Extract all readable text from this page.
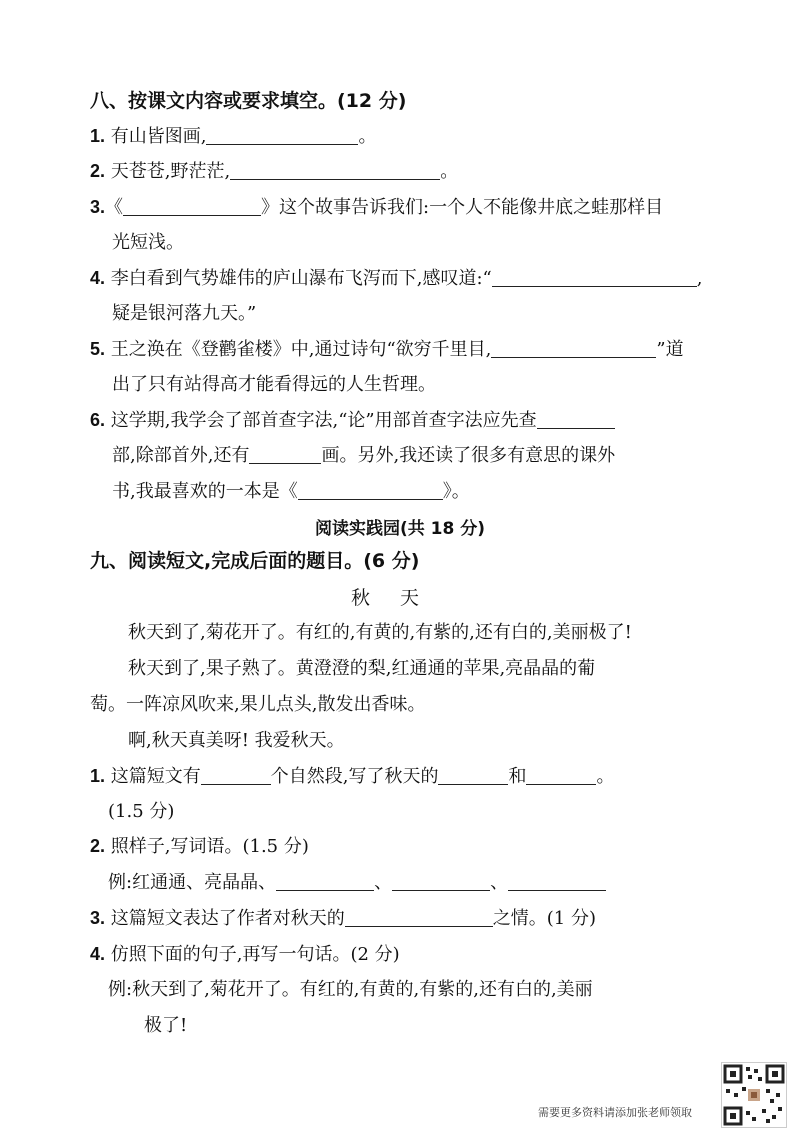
八、按课文内容或要求填空。(12 分)
1. 有山皆图画,	。
2. 天苍苍,野茫茫,	。
3.《	》这个故事告诉我们:一个人不能像井底之蛙那样目
光短浅。
4. 李白看到气势雄伟的庐山瀑布飞泻而下,感叹道:“	,
疑是银河落九天。”
5. 王之涣在《登鹳雀楼》中,通过诗句“欲穷千里目,	”道
出了只有站得高才能看得远的人生哲理。
6. 这学期,我学会了部首查字法,“论”用部首查字法应先查
部,除部首外,还有	画。另外,我还读了很多有意思的课外
书,我最喜欢的一本是《	》。
阅读实践园(共 18 分)
九、阅读短文,完成后面的题目。(6 分)
秋天
秋天到了,菊花开了。有红的,有黄的,有紫的,还有白的,美丽极了!
秋天到了,果子熟了。黄澄澄的梨,红通通的苹果,亮晶晶的葡
萄。一阵凉风吹来,果儿点头,散发出香味。
啊,秋天真美呀! 我爱秋天。
1. 这篇短文有	个自然段,写了秋天的	和	。
(1.5 分)
2. 照样子,写词语。(1.5 分)
例:红通通、亮晶晶、	、	、
3. 这篇短文表达了作者对秋天的	之情。(1 分)
4. 仿照下面的句子,再写一句话。(2 分)
例:秋天到了,菊花开了。有红的,有黄的,有紫的,还有白的,美丽
极了!
需要更多资料请添加张老师领取
